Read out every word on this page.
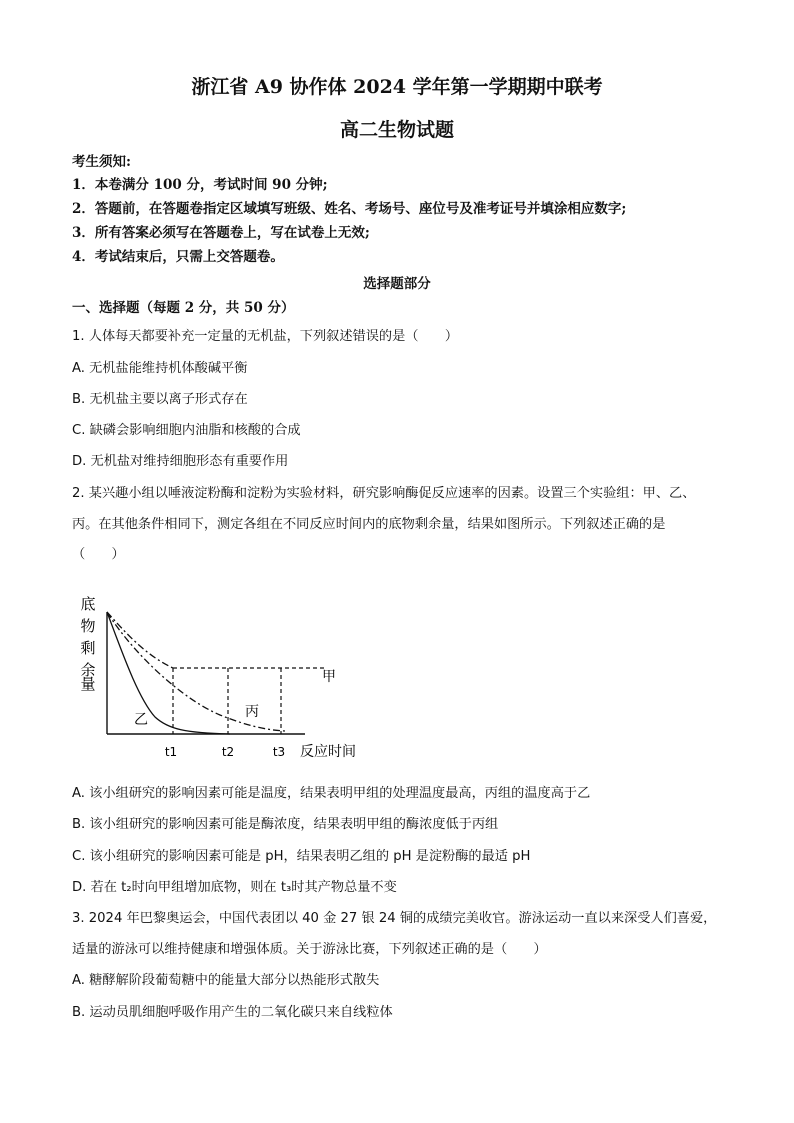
浙江省 A9 协作体 2024 学年第一学期期中联考
高二生物试题
考生须知:
1．本卷满分 100 分，考试时间 90 分钟;
2．答题前，在答题卷指定区域填写班级、姓名、考场号、座位号及准考证号并填涂相应数字;
3．所有答案必须写在答题卷上，写在试卷上无效;
4．考试结束后，只需上交答题卷。
选择题部分
一、选择题（每题 2 分，共 50 分）
1. 人体每天都要补充一定量的无机盐，下列叙述错误的是（　　）
A. 无机盐能维持机体酸碱平衡
B. 无机盐主要以离子形式存在
C. 缺磷会影响细胞内油脂和核酸的合成
D. 无机盐对维持细胞形态有重要作用
2. 某兴趣小组以唾液淀粉酶和淀粉为实验材料，研究影响酶促反应速率的因素。设置三个实验组：甲、乙、
丙。在其他条件相同下，测定各组在不同反应时间内的底物剩余量，结果如图所示。下列叙述正确的是
（　　）
底
物
剩
余
量	甲
乙	丙
t1	t2	t3 反应时间
A. 该小组研究的影响因素可能是温度，结果表明甲组的处理温度最高，丙组的温度高于乙
B. 该小组研究的影响因素可能是酶浓度，结果表明甲组的酶浓度低于丙组
C. 该小组研究的影响因素可能是 pH，结果表明乙组的 pH 是淀粉酶的最适 pH
D. 若在 t₂时向甲组增加底物，则在 t₃时其产物总量不变
3. 2024 年巴黎奥运会，中国代表团以 40 金 27 银 24 铜的成绩完美收官。游泳运动一直以来深受人们喜爱，
适量的游泳可以维持健康和增强体质。关于游泳比赛，下列叙述正确的是（　　）
A. 糖酵解阶段葡萄糖中的能量大部分以热能形式散失
B. 运动员肌细胞呼吸作用产生的二氧化碳只来自线粒体
